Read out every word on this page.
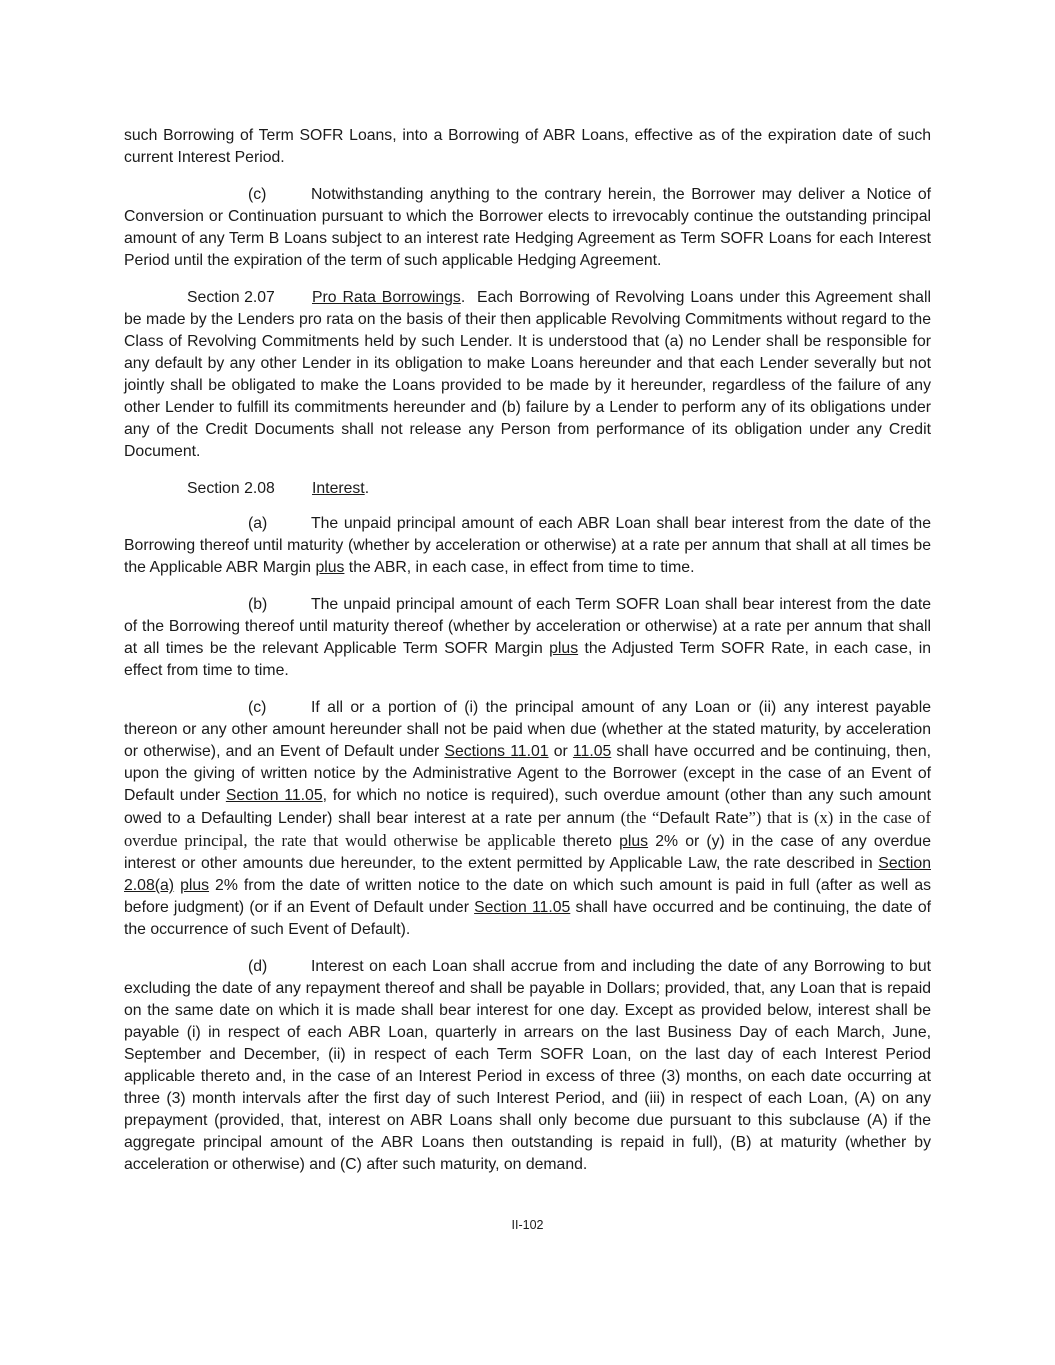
such Borrowing of Term SOFR Loans, into a Borrowing of ABR Loans, effective as of the expiration date of such current Interest Period.

(c)	Notwithstanding anything to the contrary herein, the Borrower may deliver a Notice of Conversion or Continuation pursuant to which the Borrower elects to irrevocably continue the outstanding principal amount of any Term B Loans subject to an interest rate Hedging Agreement as Term SOFR Loans for each Interest Period until the expiration of the term of such applicable Hedging Agreement.

Section 2.07 Pro Rata Borrowings.  Each Borrowing of Revolving Loans under this Agreement shall be made by the Lenders pro rata on the basis of their then applicable Revolving Commitments without regard to the Class of Revolving Commitments held by such Lender. It is understood that (a) no Lender shall be responsible for any default by any other Lender in its obligation to make Loans hereunder and that each Lender severally but not jointly shall be obligated to make the Loans provided to be made by it hereunder, regardless of the failure of any other Lender to fulfill its commitments hereunder and (b) failure by a Lender to perform any of its obligations under any of the Credit Documents shall not release any Person from performance of its obligation under any Credit Document.

Section 2.08 Interest.

(a)	The unpaid principal amount of each ABR Loan shall bear interest from the date of the Borrowing thereof until maturity (whether by acceleration or otherwise) at a rate per annum that shall at all times be the Applicable ABR Margin plus the ABR, in each case, in effect from time to time.

(b)	The unpaid principal amount of each Term SOFR Loan shall bear interest from the date of the Borrowing thereof until maturity thereof (whether by acceleration or otherwise) at a rate per annum that shall at all times be the relevant Applicable Term SOFR Margin plus the Adjusted Term SOFR Rate, in each case, in effect from time to time.

(c)	If all or a portion of (i) the principal amount of any Loan or (ii) any interest payable thereon or any other amount hereunder shall not be paid when due (whether at the stated maturity, by acceleration or otherwise), and an Event of Default under Sections 11.01 or 11.05 shall have occurred and be continuing, then, upon the giving of written notice by the Administrative Agent to the Borrower (except in the case of an Event of Default under Section 11.05, for which no notice is required), such overdue amount (other than any such amount owed to a Defaulting Lender) shall bear interest at a rate per annum (the “Default Rate”) that is (x) in the case of overdue principal, the rate that would otherwise be applicable thereto plus 2% or (y) in the case of any overdue interest or other amounts due hereunder, to the extent permitted by Applicable Law, the rate described in Section 2.08(a) plus 2% from the date of written notice to the date on which such amount is paid in full (after as well as before judgment) (or if an Event of Default under Section 11.05 shall have occurred and be continuing, the date of the occurrence of such Event of Default).

(d)	Interest on each Loan shall accrue from and including the date of any Borrowing to but excluding the date of any repayment thereof and shall be payable in Dollars; provided, that, any Loan that is repaid on the same date on which it is made shall bear interest for one day. Except as provided below, interest shall be payable (i) in respect of each ABR Loan, quarterly in arrears on the last Business Day of each March, June, September and December, (ii) in respect of each Term SOFR Loan, on the last day of each Interest Period applicable thereto and, in the case of an Interest Period in excess of three (3) months, on each date occurring at three (3) month intervals after the first day of such Interest Period, and (iii) in respect of each Loan, (A) on any prepayment (provided, that, interest on ABR Loans shall only become due pursuant to this subclause (A) if the aggregate principal amount of the ABR Loans then outstanding is repaid in full), (B) at maturity (whether by acceleration or otherwise) and (C) after such maturity, on demand.

II-102
